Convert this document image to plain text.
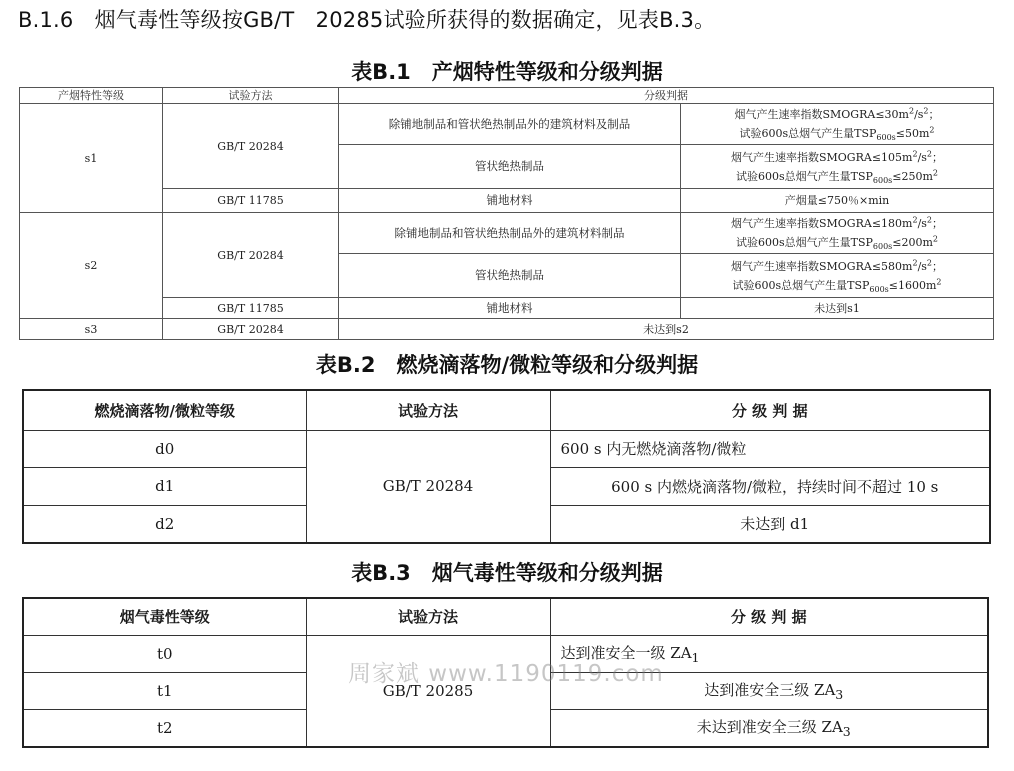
B.1.6　烟气毒性等级按GB/T　20285试验所获得的数据确定，见表B.3。
表B.1　产烟特性等级和分级判据
产烟特性等级	试验方法	分级判据	
s1	GB/T 20284	除铺地制品和管状绝热制品外的建筑材料及制品	烟气产生速率指数$SMOGRA\le 30m^2/s^2$；
试验600s总烟气产生量$TSP_{600s}\le 50m^2$

		管状绝热制品	烟气产生速率指数$SMOGRA\le 105m^2/s^2$；
试验600s总烟气产生量$TSP_{600s}\le 250m^2$

	GB/T 11785	铺地材料	产烟量≤750％×min
s2	GB/T 20284	除铺地制品和管状绝热制品外的建筑材料制品	烟气产生速率指数$SMOGRA\le 180m^2/s^2$；
试验600s总烟气产生量$TSP_{600s}\le 200m^2$

		管状绝热制品	烟气产生速率指数$SMOGRA\le 580m^2/s^2$；
试验600s总烟气产生量$TSP_{600s}\le 1600m^2$

	GB/T 11785	铺地材料	未达到s1
s3	GB/T 20284	未达到s2	
表B.2　燃烧滴落物/微粒等级和分级判据
燃烧滴落物/微粒等级	试验方法	分 级 判 据
d0	GB/T 20284	600 s 内无燃烧滴落物/微粒
d1		600 s 内燃烧滴落物/微粒，持续时间不超过 10 s
d2		未达到 d1
表B.3　烟气毒性等级和分级判据
烟气毒性等级	试验方法	分 级 判 据
t0	GB/T 20285	达到准安全一级 $ZA_1$
t1		达到准安全三级 $ZA_3$
t2		未达到准安全三级 $ZA_3$
周家斌 www.1190119.com
